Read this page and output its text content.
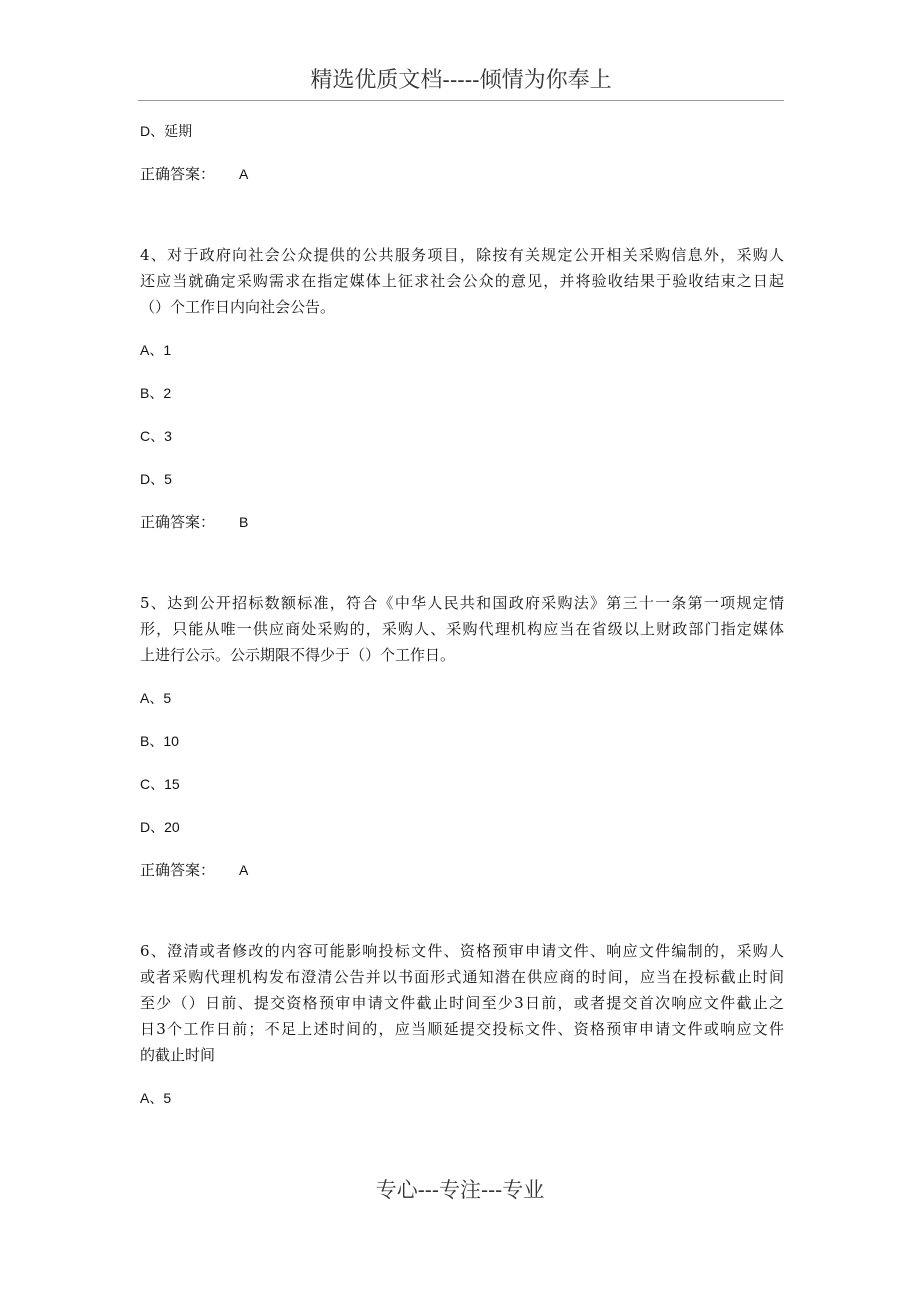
精选优质文档-----倾情为你奉上
D、延期
正确答案： A
4、对于政府向社会公众提供的公共服务项目，除按有关规定公开相关采购信息外，采购人
还应当就确定采购需求在指定媒体上征求社会公众的意见，并将验收结果于验收结束之日起
（）个工作日内向社会公告。
A、1
B、2
C、3
D、5
正确答案： B
5、达到公开招标数额标准，符合《中华人民共和国政府采购法》第三十一条第一项规定情
形，只能从唯一供应商处采购的，采购人、采购代理机构应当在省级以上财政部门指定媒体
上进行公示。公示期限不得少于（）个工作日。
A、5
B、10
C、15
D、20
正确答案： A
6、澄清或者修改的内容可能影响投标文件、资格预审申请文件、响应文件编制的，采购人
或者采购代理机构发布澄清公告并以书面形式通知潜在供应商的时间，应当在投标截止时间
至少（）日前、提交资格预审申请文件截止时间至少3日前，或者提交首次响应文件截止之
日3个工作日前；不足上述时间的，应当顺延提交投标文件、资格预审申请文件或响应文件
的截止时间
A、5
专心---专注---专业
